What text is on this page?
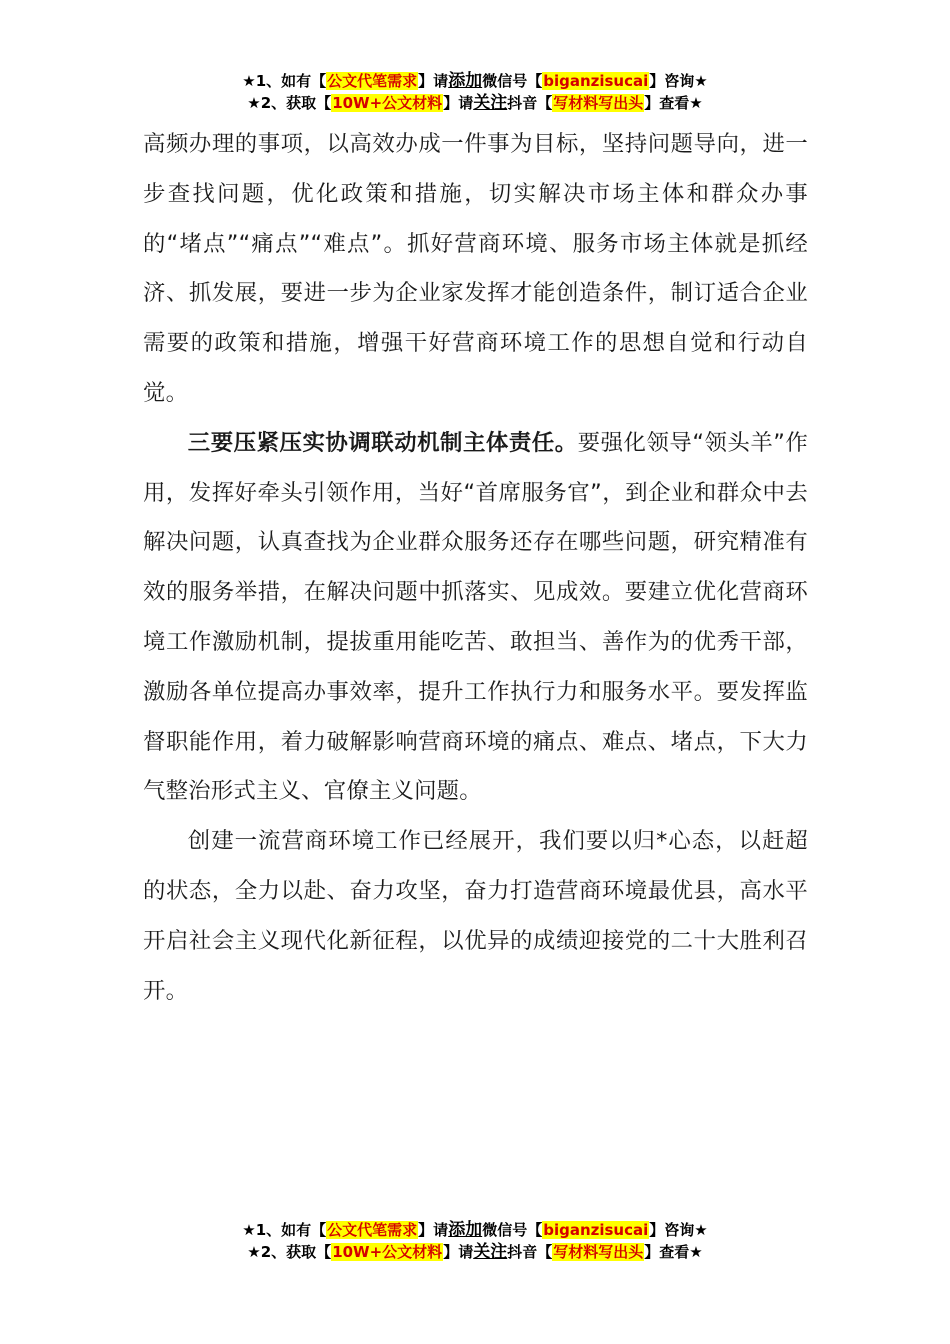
★1、如有【公文代笔需求】请添加微信号【biganzisucai】咨询★
★2、获取【10W+公文材料】请关注抖音【写材料写出头】查看★

高频办理的事项，以高效办成一件事为目标，坚持问题导向，进一步查找问题，优化政策和措施，切实解决市场主体和群众办事的“堵点”“痛点”“难点”。抓好营商环境、服务市场主体就是抓经济、抓发展，要进一步为企业家发挥才能创造条件，制订适合企业需要的政策和措施，增强干好营商环境工作的思想自觉和行动自觉。

三要压紧压实协调联动机制主体责任。要强化领导“领头羊”作用，发挥好牵头引领作用，当好“首席服务官”，到企业和群众中去解决问题，认真查找为企业群众服务还存在哪些问题，研究精准有效的服务举措，在解决问题中抓落实、见成效。要建立优化营商环境工作激励机制，提拔重用能吃苦、敢担当、善作为的优秀干部，激励各单位提高办事效率，提升工作执行力和服务水平。要发挥监督职能作用，着力破解影响营商环境的痛点、难点、堵点，下大力气整治形式主义、官僚主义问题。

创建一流营商环境工作已经展开，我们要以归*心态，以赶超的状态，全力以赴、奋力攻坚，奋力打造营商环境最优县，高水平开启社会主义现代化新征程，以优异的成绩迎接党的二十大胜利召开。

★1、如有【公文代笔需求】请添加微信号【biganzisucai】咨询★
★2、获取【10W+公文材料】请关注抖音【写材料写出头】查看★
